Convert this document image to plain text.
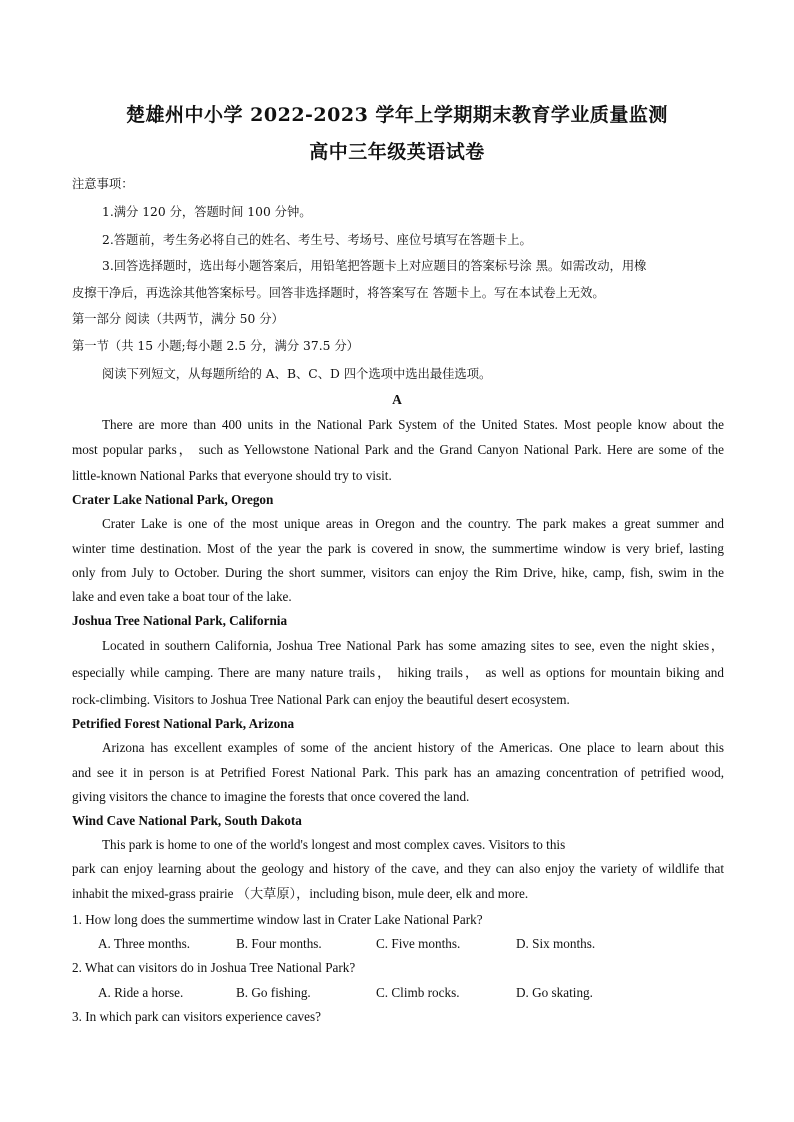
楚雄州中小学 2022-2023 学年上学期期末教育学业质量监测
高中三年级英语试卷
注意事项：
1.满分 120 分，答题时间 100 分钟。
2.答题前，考生务必将自己的姓名、考生号、考场号、座位号填写在答题卡上。
3.回答选择题时，选出每小题答案后，用铅笔把答题卡上对应题目的答案标号涂 黑。如需改动，用橡
皮擦干净后，再选涂其他答案标号。回答非选择题时，将答案写在 答题卡上。写在本试卷上无效。
第一部分 阅读（共两节，满分 50 分）
第一节（共 15 小题;每小题 2.5 分，满分 37.5 分）
阅读下列短文，从每题所给的 A、B、C、D 四个选项中选出最佳选项。
A
There are more than 400 units in the National Park System of the United States. Most people know about the
most popular parks， such as Yellowstone National Park and the Grand Canyon National Park. Here are some of the
little-known National Parks that everyone should try to visit.
Crater Lake National Park, Oregon
Crater Lake is one of the most unique areas in Oregon and the country. The park makes a great summer and
winter time destination. Most of the year the park is covered in snow, the summertime window is very brief, lasting
only from July to October. During the short summer, visitors can enjoy the Rim Drive, hike, camp, fish, swim in the
lake and even take a boat tour of the lake.
Joshua Tree National Park, California
Located in southern California, Joshua Tree National Park has some amazing sites to see, even the night skies，
especially while camping. There are many nature trails， hiking trails， as well as options for mountain biking and
rock-climbing. Visitors to Joshua Tree National Park can enjoy the beautiful desert ecosystem.
Petrified Forest National Park, Arizona
Arizona has excellent examples of some of the ancient history of the Americas. One place to learn about this
and see it in person is at Petrified Forest National Park. This park has an amazing concentration of petrified wood,
giving visitors the chance to imagine the forests that once covered the land.
Wind Cave National Park, South Dakota
This park is home to one of the world's longest and most complex caves. Visitors to this
park can enjoy learning about the geology and history of the cave, and they can also enjoy the variety of wildlife that
inhabit the mixed-grass prairie （大草原），including bison, mule deer, elk and more.
1. How long does the summertime window last in Crater Lake National Park?
A. Three months.	B. Four months.	C. Five months.	D. Six months.
2. What can visitors do in Joshua Tree National Park?
A. Ride a horse.	B. Go fishing.	C. Climb rocks.	D. Go skating.
3. In which park can visitors experience caves?
